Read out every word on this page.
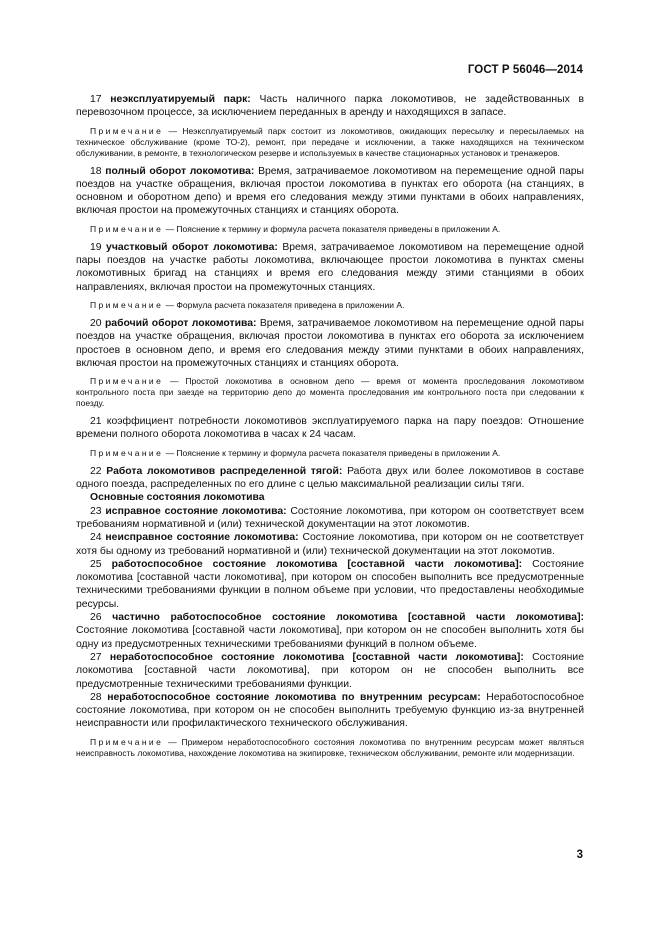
ГОСТ Р 56046—2014

17 неэксплуатируемый парк: Часть наличного парка локомотивов, не задействованных в перевозочном процессе, за исключением переданных в аренду и находящихся в запасе.

Примечание — Неэксплуатируемый парк состоит из локомотивов, ожидающих пересылку и пересылаемых на техническое обслуживание (кроме ТО-2), ремонт, при передаче и исключении, а также находящихся на техническом обслуживании, в ремонте, в технологическом резерве и используемых в качестве стационарных установок и тренажеров.

18 полный оборот локомотива: Время, затрачиваемое локомотивом на перемещение одной пары поездов на участке обращения, включая простои локомотива в пунктах его оборота (на станциях, в основном и оборотном депо) и время его следования между этими пунктами в обоих направлениях, включая простои на промежуточных станциях и станциях оборота.

Примечание — Пояснение к термину и формула расчета показателя приведены в приложении А.

19 участковый оборот локомотива: Время, затрачиваемое локомотивом на перемещение одной пары поездов на участке работы локомотива, включающее простои локомотива в пунктах смены локомотивных бригад на станциях и время его следования между этими станциями в обоих направлениях, включая простои на промежуточных станциях.

Примечание — Формула расчета показателя приведена в приложении А.

20 рабочий оборот локомотива: Время, затрачиваемое локомотивом на перемещение одной пары поездов на участке обращения, включая простои локомотива в пунктах его оборота за исключением простоев в основном депо, и время его следования между этими пунктами в обоих направлениях, включая простои на промежуточных станциях и станциях оборота.

Примечание — Простой локомотива в основном депо — время от момента проследования локомотивом контрольного поста при заезде на территорию депо до момента проследования им контрольного поста при следовании к поезду.

21 коэффициент потребности локомотивов эксплуатируемого парка на пару поездов: Отношение времени полного оборота локомотива в часах к 24 часам.

Примечание — Пояснение к термину и формула расчета показателя приведены в приложении А.

22 Работа локомотивов распределенной тягой: Работа двух или более локомотивов в составе одного поезда, распределенных по его длине с целью максимальной реализации силы тяги.

Основные состояния локомотива

23 исправное состояние локомотива: Состояние локомотива, при котором он соответствует всем требованиям нормативной и (или) технической документации на этот локомотив.

24 неисправное состояние локомотива: Состояние локомотива, при котором он не соответствует хотя бы одному из требований нормативной и (или) технической документации на этот локомотив.

25 работоспособное состояние локомотива [составной части локомотива]: Состояние локомотива [составной части локомотива], при котором он способен выполнить все предусмотренные техническими требованиями функции в полном объеме при условии, что предоставлены необходимые ресурсы.

26 частично работоспособное состояние локомотива [составной части локомотива]: Состояние локомотива [составной части локомотива], при котором он не способен выполнить хотя бы одну из предусмотренных техническими требованиями функций в полном объеме.

27 неработоспособное состояние локомотива [составной части локомотива]: Состояние локомотива [составной части локомотива], при котором он не способен выполнить все предусмотренные техническими требованиями функции.

28 неработоспособное состояние локомотива по внутренним ресурсам: Неработоспособное состояние локомотива, при котором он не способен выполнить требуемую функцию из-за внутренней неисправности или профилактического технического обслуживания.

Примечание — Примером неработоспособного состояния локомотива по внутренним ресурсам может являться неисправность локомотива, нахождение локомотива на экипировке, техническом обслуживании, ремонте или модернизации.

3
